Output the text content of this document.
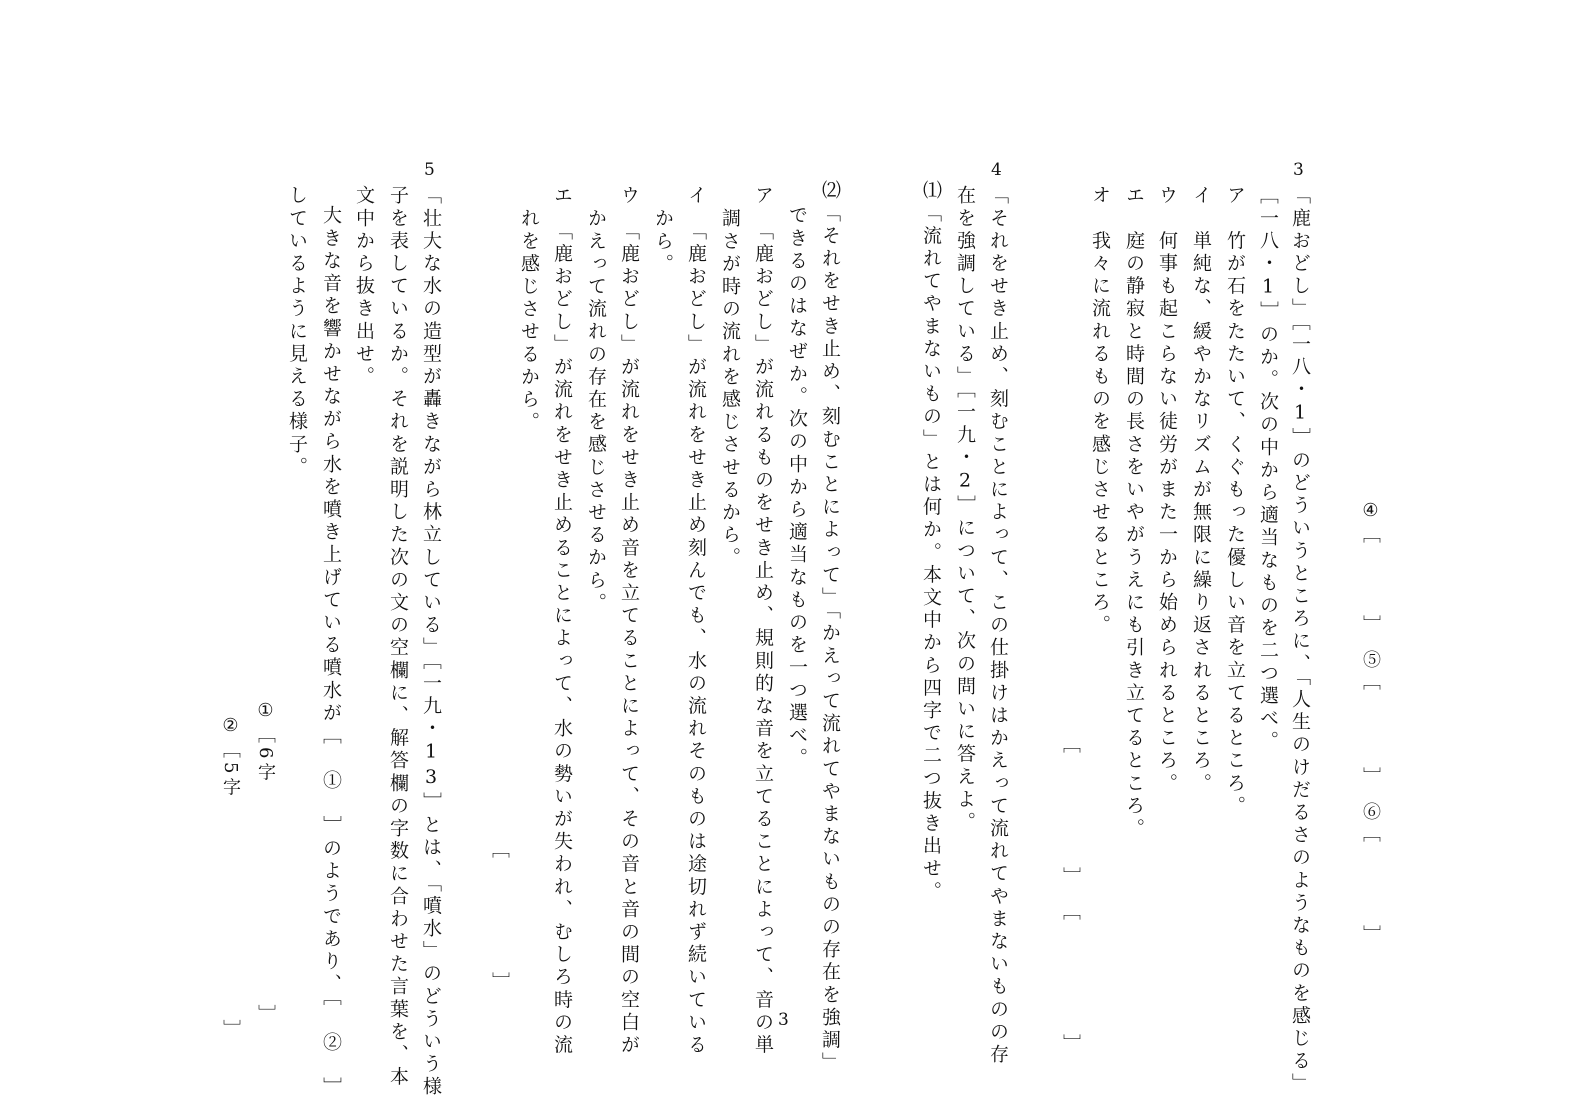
④［
］　⑤［
］　⑥［
］
3
「鹿おどし」［一八・1］のどういうところに、「人生のけだるさのようなものを感じる」
［一八・1］のか。次の中から適当なものを二つ選べ。
ア　竹が石をたたいて、くぐもった優しい音を立てるところ。
イ　単純な、緩やかなリズムが無限に繰り返されるところ。
ウ　何事も起こらない徒労がまた一から始められるところ。
エ　庭の静寂と時間の長さをいやがうえにも引き立てるところ。
オ　我々に流れるものを感じさせるところ。
［　　］［　　］
4
「それをせき止め、刻むことによって、この仕掛けはかえって流れてやまないものの存
在を強調している」［一九・2］について、次の問いに答えよ。
⑴「流れてやまないもの」とは何か。本文中から四字で二つ抜き出せ。
⑵「それをせき止め、刻むことによって」「かえって流れてやまないものの存在を強調」
できるのはなぜか。次の中から適当なものを一つ選べ。
ア　「鹿おどし」が流れるものをせき止め、規則的な音を立てることによって、音の単
調さが時の流れを感じさせるから。
イ　「鹿おどし」が流れをせき止め刻んでも、水の流れそのものは途切れず続いている
から。
ウ　「鹿おどし」が流れをせき止め音を立てることによって、その音と音の間の空白が
かえって流れの存在を感じさせるから。
エ　「鹿おどし」が流れをせき止めることによって、水の勢いが失われ、むしろ時の流
れを感じさせるから。
［　　］
5
「壮大な水の造型が轟きながら林立している」［一九・13］とは、「噴水」のどういう様
子を表しているか。それを説明した次の文の空欄に、解答欄の字数に合わせた言葉を、本
文中から抜き出せ。
大きな音を響かせながら水を噴き上げている噴水が［　①　］のようであり、［　②　］
しているように見える様子。
①［6字　　　　　　　　　　］
②［5字　　　　　　　　　　］	3
